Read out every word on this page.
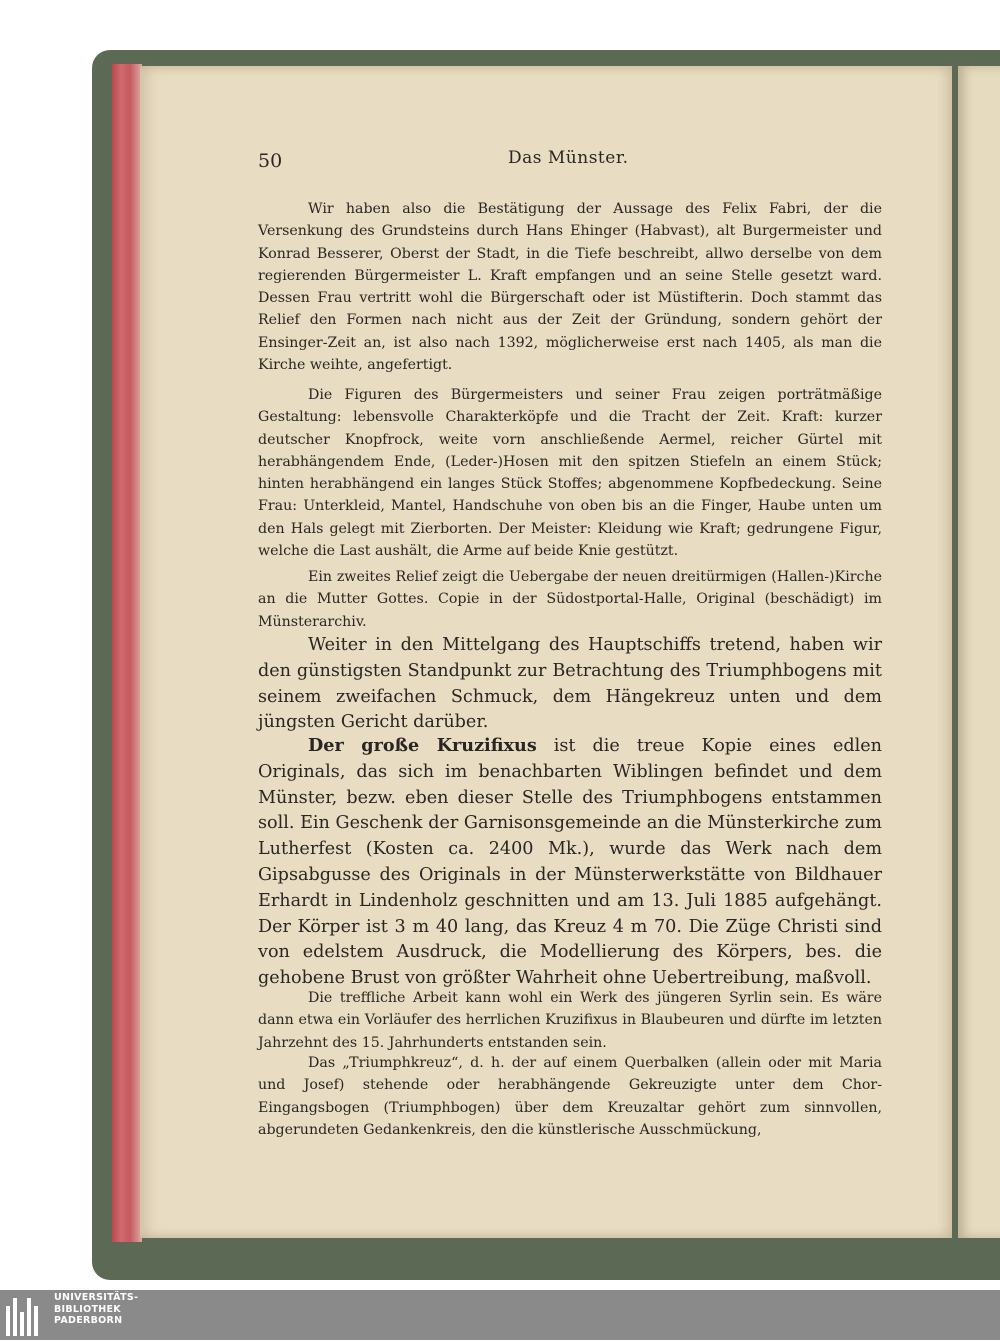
50	Das Münster.

Wir haben also die Bestätigung der Aussage des Felix Fabri, der die Versenkung des Grundsteins durch Hans Ehinger (Habvast), alt Burgermeister und Konrad Besserer, Oberst der Stadt, in die Tiefe beschreibt, allwo derselbe von dem regierenden Bürgermeister L. Kraft empfangen und an seine Stelle gesetzt ward. Dessen Frau vertritt wohl die Bürgerschaft oder ist Müstifterin. Doch stammt das Relief den Formen nach nicht aus der Zeit der Gründung, sondern gehört der Ensinger-Zeit an, ist also nach 1392, möglicherweise erst nach 1405, als man die Kirche weihte, angefertigt.

Die Figuren des Bürgermeisters und seiner Frau zeigen porträtmäßige Gestaltung: lebensvolle Charakterköpfe und die Tracht der Zeit. Kraft: kurzer deutscher Knopfrock, weite vorn anschließende Aermel, reicher Gürtel mit herabhängendem Ende, (Leder-)Hosen mit den spitzen Stiefeln an einem Stück; hinten herabhängend ein langes Stück Stoffes; abgenommene Kopfbedeckung. Seine Frau: Unterkleid, Mantel, Handschuhe von oben bis an die Finger, Haube unten um den Hals gelegt mit Zierborten. Der Meister: Kleidung wie Kraft; gedrungene Figur, welche die Last aushält, die Arme auf beide Knie gestützt.

Ein zweites Relief zeigt die Uebergabe der neuen dreitürmigen (Hallen-)Kirche an die Mutter Gottes. Copie in der Südostportal-Halle, Original (beschädigt) im Münsterarchiv.

Weiter in den Mittelgang des Hauptschiffs tretend, haben wir den günstigsten Standpunkt zur Betrachtung des Triumphbogens mit seinem zweifachen Schmuck, dem Hängekreuz unten und dem jüngsten Gericht darüber.

Der große Kruzifixus ist die treue Kopie eines edlen Originals, das sich im benachbarten Wiblingen befindet und dem Münster, bezw. eben dieser Stelle des Triumphbogens entstammen soll. Ein Geschenk der Garnisonsgemeinde an die Münsterkirche zum Lutherfest (Kosten ca. 2400 Mk.), wurde das Werk nach dem Gipsabgusse des Originals in der Münsterwerkstätte von Bildhauer Erhardt in Lindenholz geschnitten und am 13. Juli 1885 aufgehängt. Der Körper ist 3 m 40 lang, das Kreuz 4 m 70. Die Züge Christi sind von edelstem Ausdruck, die Modellierung des Körpers, bes. die gehobene Brust von größter Wahrheit ohne Uebertreibung, maßvoll.

Die treffliche Arbeit kann wohl ein Werk des jüngeren Syrlin sein. Es wäre dann etwa ein Vorläufer des herrlichen Kruzifixus in Blaubeuren und dürfte im letzten Jahrzehnt des 15. Jahrhunderts entstanden sein.

Das „Triumphkreuz“, d. h. der auf einem Querbalken (allein oder mit Maria und Josef) stehende oder herabhängende Gekreuzigte unter dem Chor-Eingangsbogen (Triumphbogen) über dem Kreuzaltar gehört zum sinnvollen, abgerundeten Gedankenkreis, den die künstlerische Ausschmückung,

UNIVERSITÄTS-
BIBLIOTHEK
PADERBORN
